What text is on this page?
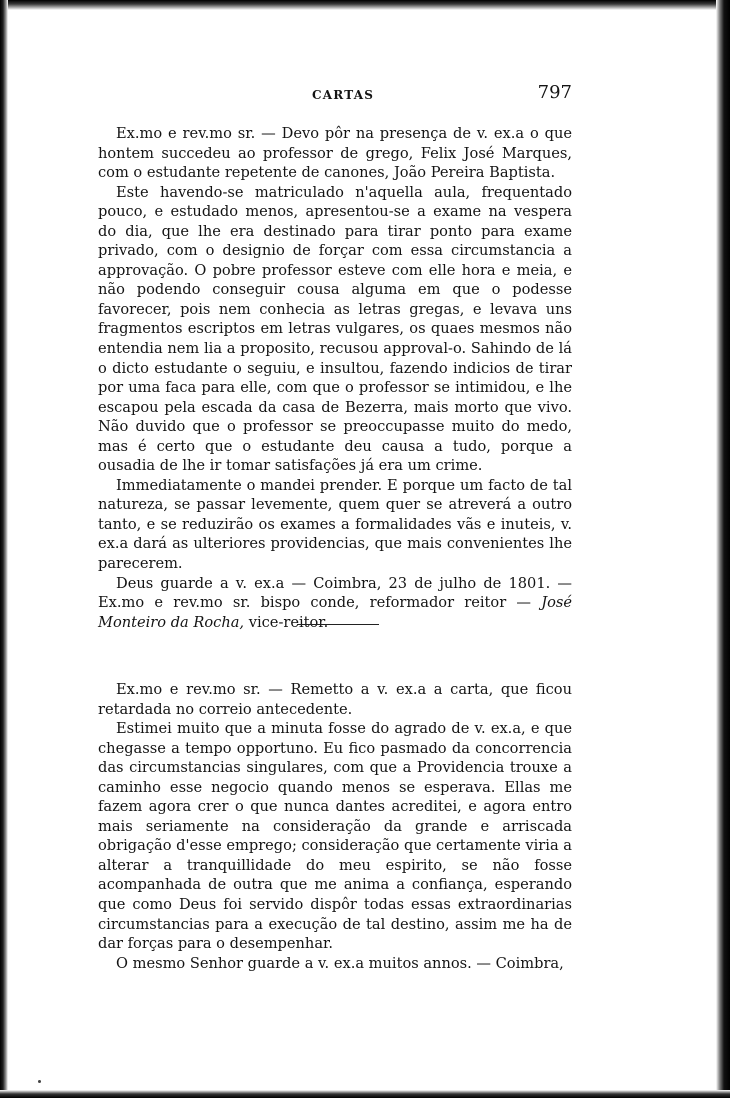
CARTAS	797

Ex.mo e rev.mo sr. — Devo pôr na presença de v. ex.a o que hontem succedeu ao professor de grego, Felix José Marques, com o estudante repetente de canones, João Pereira Baptista.

Este havendo-se matriculado n'aquella aula, frequentado pouco, e estudado menos, apresentou-se a exame na vespera do dia, que lhe era destinado para tirar ponto para exame privado, com o designio de forçar com essa circumstancia a approvação. O pobre professor esteve com elle hora e meia, e não podendo conseguir cousa alguma em que o podesse favorecer, pois nem conhecia as letras gregas, e levava uns fragmentos escriptos em letras vulgares, os quaes mesmos não entendia nem lia a proposito, recusou approval-o. Sahindo de lá o dicto estudante o seguiu, e insultou, fazendo indicios de tirar por uma faca para elle, com que o professor se intimidou, e lhe escapou pela escada da casa de Bezerra, mais morto que vivo. Não duvido que o professor se preoccupasse muito do medo, mas é certo que o estudante deu causa a tudo, porque a ousadia de lhe ir tomar satisfações já era um crime.

Immediatamente o mandei prender. E porque um facto de tal natureza, se passar levemente, quem quer se atreverá a outro tanto, e se reduzirão os exames a formalidades vãs e inuteis, v. ex.a dará as ulteriores providencias, que mais convenientes lhe parecerem.

Deus guarde a v. ex.a — Coimbra, 23 de julho de 1801. — Ex.mo e rev.mo sr. bispo conde, reformador reitor — José Monteiro da Rocha, vice-reitor.

Ex.mo e rev.mo sr. — Remetto a v. ex.a a carta, que ficou retardada no correio antecedente.

Estimei muito que a minuta fosse do agrado de v. ex.a, e que chegasse a tempo opportuno. Eu fico pasmado da concorrencia das circumstancias singulares, com que a Providencia trouxe a caminho esse negocio quando menos se esperava. Ellas me fazem agora crer o que nunca dantes acreditei, e agora entro mais seriamente na consideração da grande e arriscada obrigação d'esse emprego; consideração que certamente viria a alterar a tranquillidade do meu espirito, se não fosse acompanhada de outra que me anima a confiança, esperando que como Deus foi servido dispôr todas essas extraordinarias circumstancias para a execução de tal destino, assim me ha de dar forças para o desempenhar.

O mesmo Senhor guarde a v. ex.a muitos annos. — Coimbra,
